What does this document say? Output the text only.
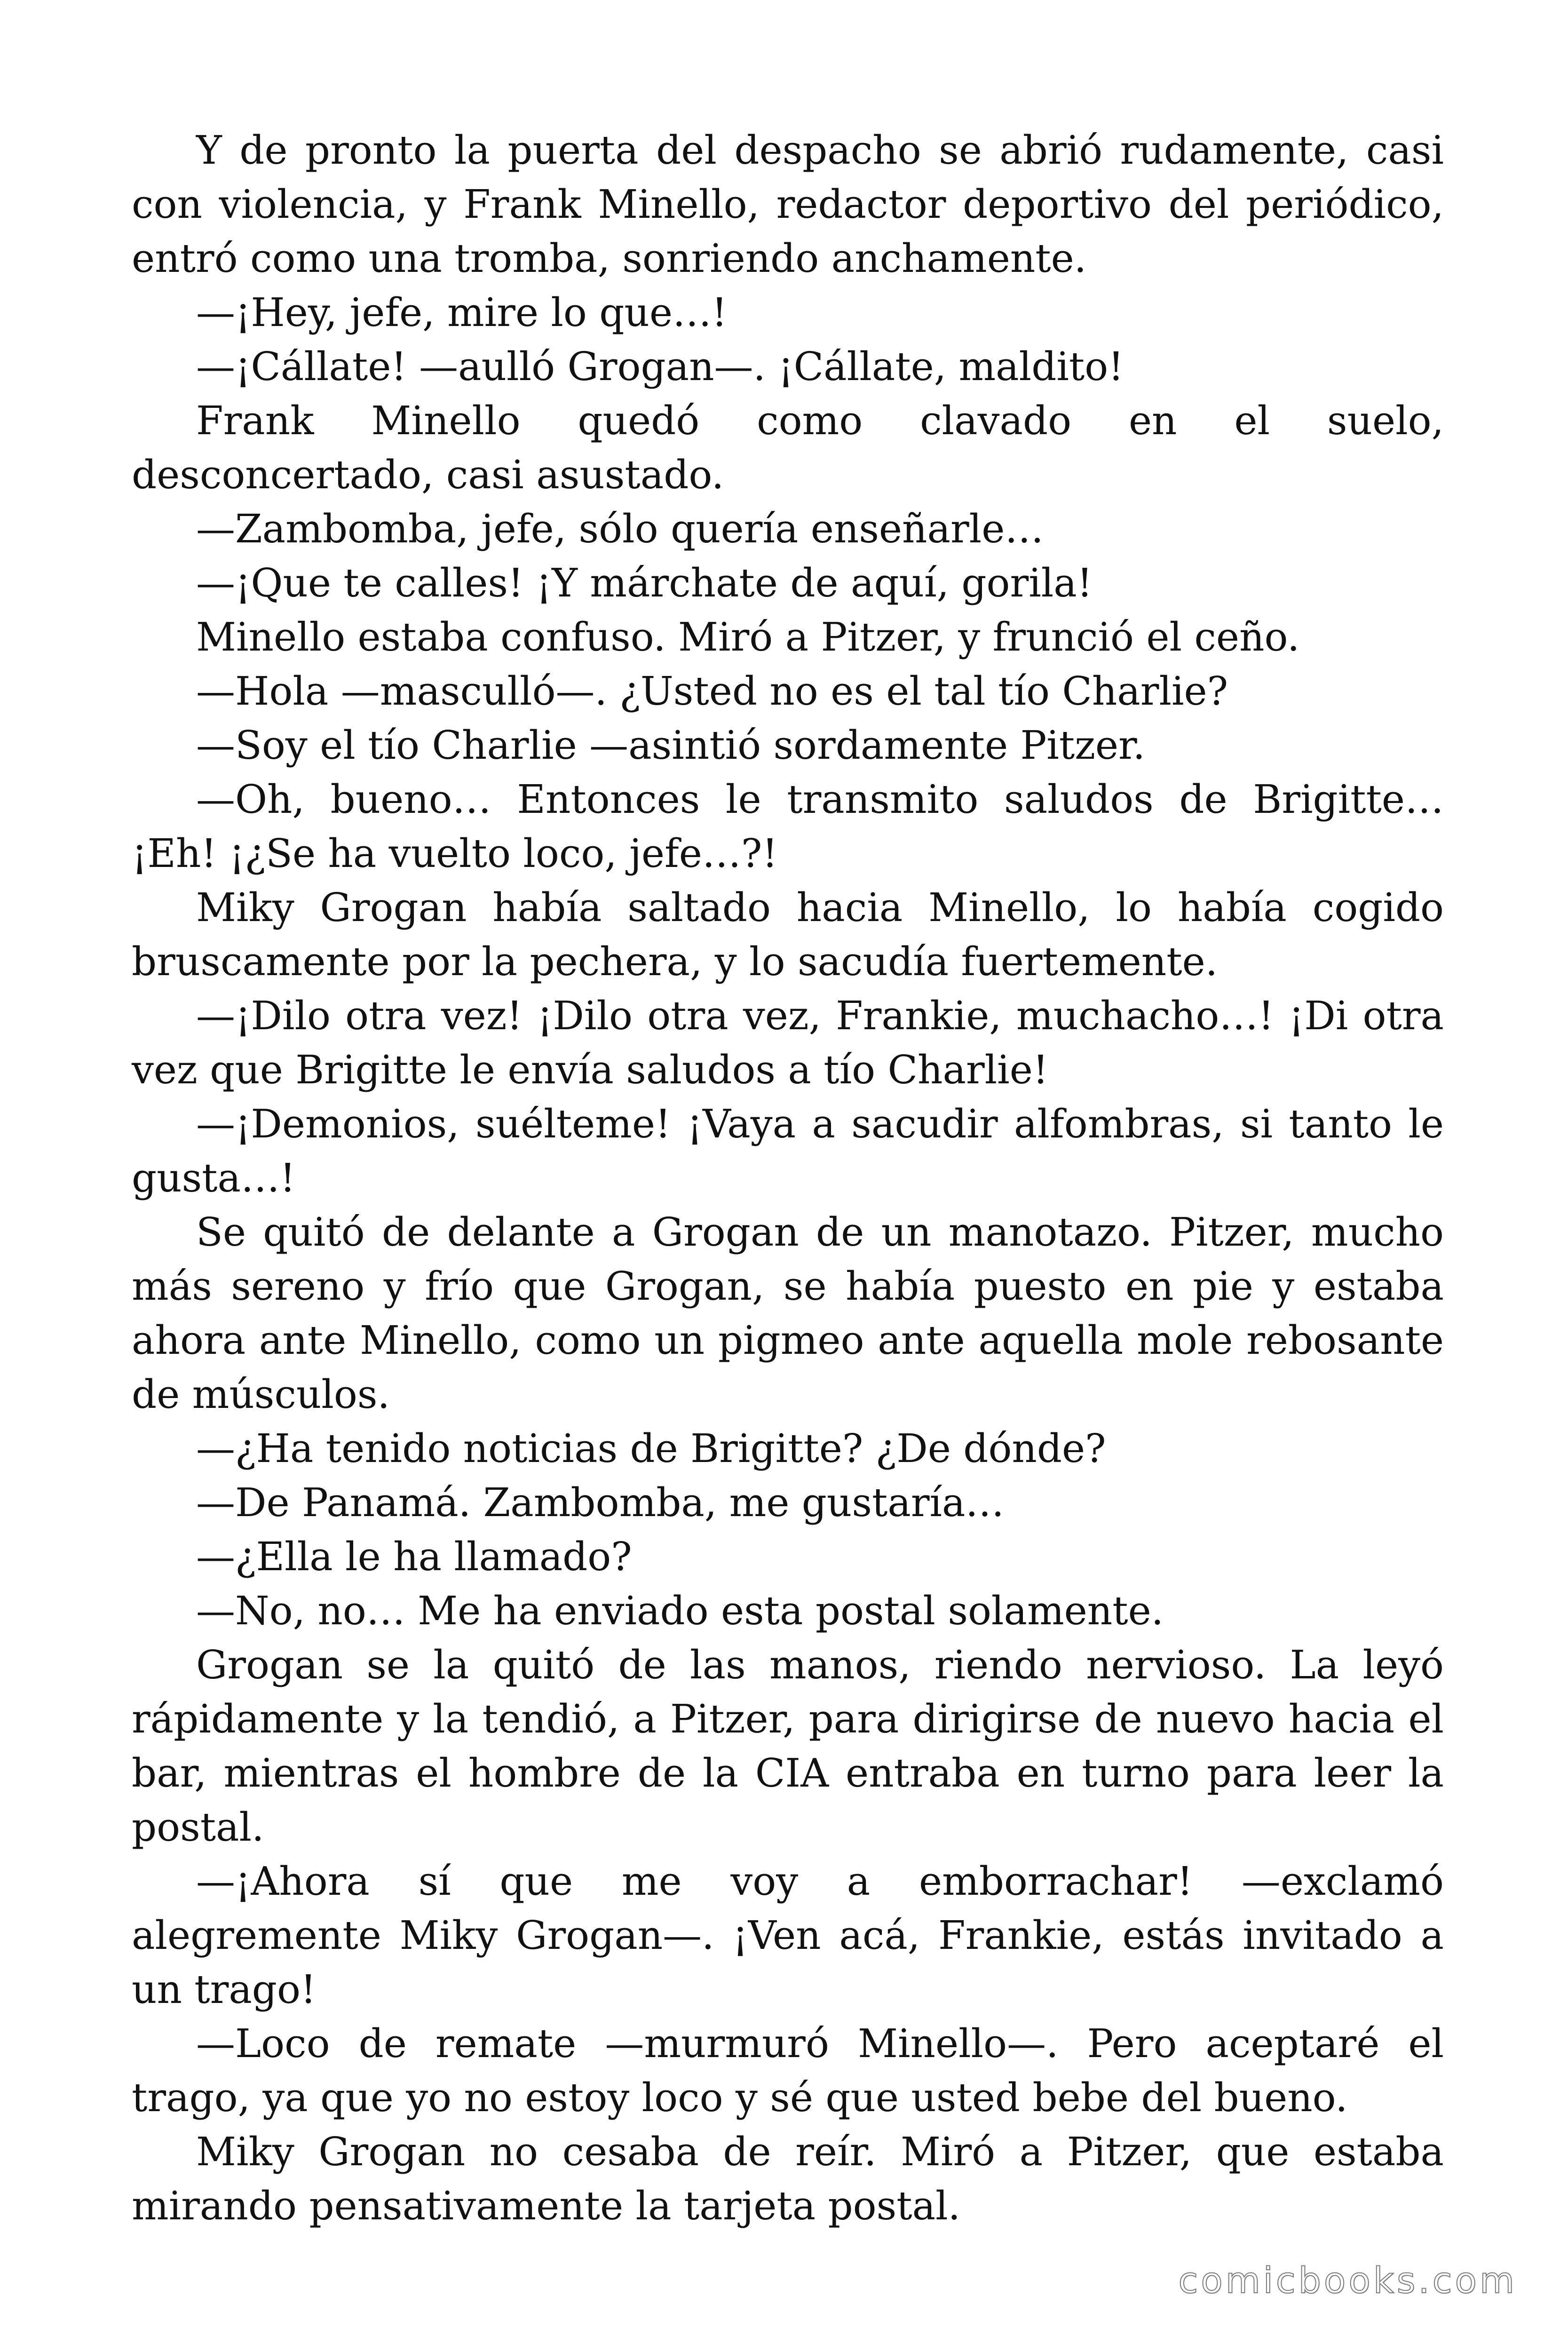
Y de pronto la puerta del despacho se abrió rudamente, casi con violencia, y Frank Minello, redactor deportivo del periódico, entró como una tromba, sonriendo anchamente.

—¡Hey, jefe, mire lo que…!

—¡Cállate! —aulló Grogan—. ¡Cállate, maldito!

Frank Minello quedó como clavado en el suelo, desconcertado, casi asustado.

—Zambomba, jefe, sólo quería enseñarle…

—¡Que te calles! ¡Y márchate de aquí, gorila!

Minello estaba confuso. Miró a Pitzer, y frunció el ceño.

—Hola —masculló—. ¿Usted no es el tal tío Charlie?

—Soy el tío Charlie —asintió sordamente Pitzer.

—Oh, bueno… Entonces le transmito saludos de Brigitte… ¡Eh! ¡¿Se ha vuelto loco, jefe…?!

Miky Grogan había saltado hacia Minello, lo había cogido bruscamente por la pechera, y lo sacudía fuertemente.

—¡Dilo otra vez! ¡Dilo otra vez, Frankie, muchacho…! ¡Di otra vez que Brigitte le envía saludos a tío Charlie!

—¡Demonios, suélteme! ¡Vaya a sacudir alfombras, si tanto le gusta…!

Se quitó de delante a Grogan de un manotazo. Pitzer, mucho más sereno y frío que Grogan, se había puesto en pie y estaba ahora ante Minello, como un pigmeo ante aquella mole rebosante de músculos.

—¿Ha tenido noticias de Brigitte? ¿De dónde?

—De Panamá. Zambomba, me gustaría…

—¿Ella le ha llamado?

—No, no… Me ha enviado esta postal solamente.

Grogan se la quitó de las manos, riendo nervioso. La leyó rápidamente y la tendió, a Pitzer, para dirigirse de nuevo hacia el bar, mientras el hombre de la CIA entraba en turno para leer la postal.

—¡Ahora sí que me voy a emborrachar! —exclamó alegremente Miky Grogan—. ¡Ven acá, Frankie, estás invitado a un trago!

—Loco de remate —murmuró Minello—. Pero aceptaré el trago, ya que yo no estoy loco y sé que usted bebe del bueno.

Miky Grogan no cesaba de reír. Miró a Pitzer, que estaba mirando pensativamente la tarjeta postal.

comicbooks.com
